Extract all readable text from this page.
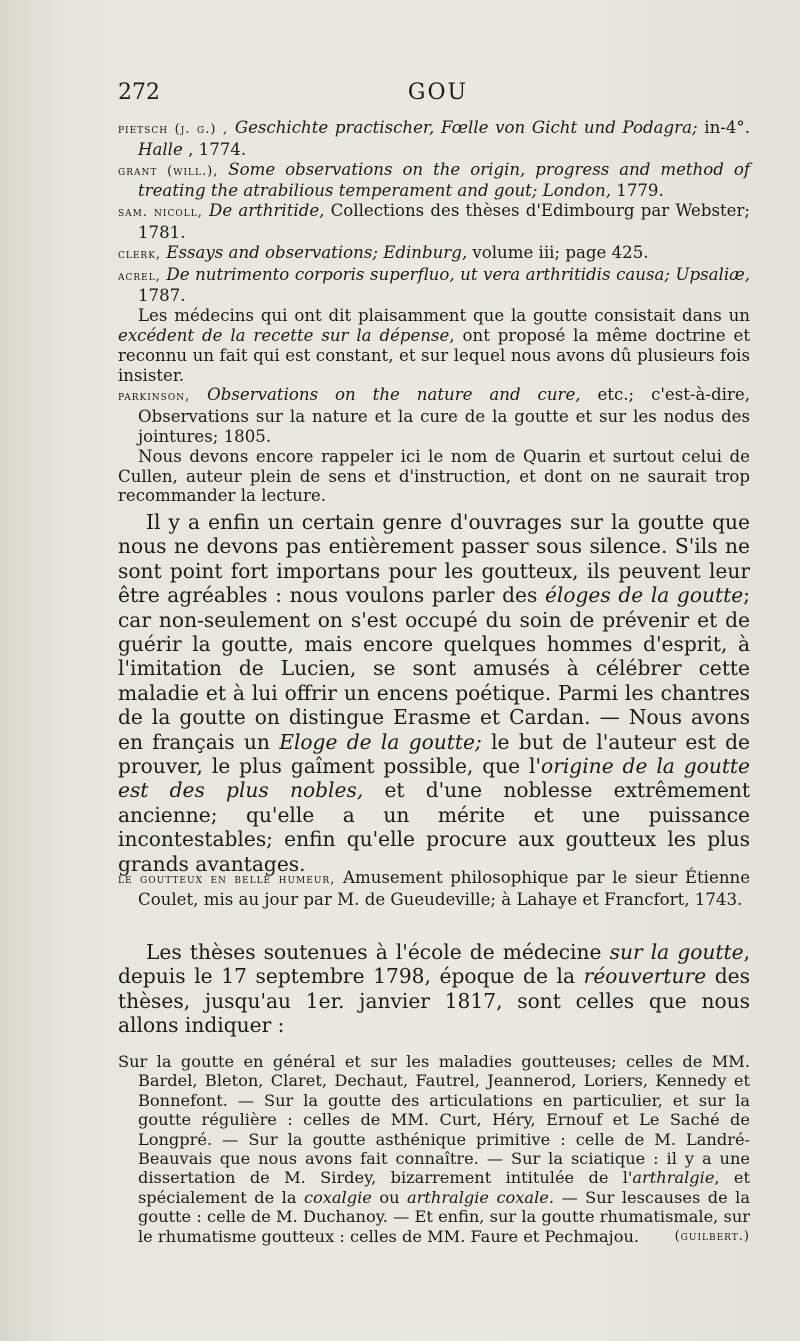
272	GOU

pietsch (j. g.) , Geschichte practischer, Fœlle von Gicht und Podagra; in-4°. Halle , 1774.

grant (will.), Some observations on the origin, progress and method of treating the atrabilious temperament and gout; London, 1779.

sam. nicoll, De arthritide, Collections des thèses d'Edimbourg par Webster; 1781.

clerk, Essays and observations; Edinburg, volume iii; page 425.

acrel, De nutrimento corporis superfluo, ut vera arthritidis causa; Upsaliæ, 1787.

Les médecins qui ont dit plaisamment que la goutte consistait dans un excédent de la recette sur la dépense, ont proposé la même doctrine et reconnu un fait qui est constant, et sur lequel nous avons dû plusieurs fois insister.

parkinson, Observations on the nature and cure, etc.; c'est-à-dire, Observations sur la nature et la cure de la goutte et sur les nodus des jointures; 1805.

Nous devons encore rappeler ici le nom de Quarin et surtout celui de Cullen, auteur plein de sens et d'instruction, et dont on ne saurait trop recommander la lecture.

Il y a enfin un certain genre d'ouvrages sur la goutte que nous ne devons pas entièrement passer sous silence. S'ils ne sont point fort importans pour les goutteux, ils peuvent leur être agréables : nous voulons parler des éloges de la goutte; car non-seulement on s'est occupé du soin de prévenir et de guérir la goutte, mais encore quelques hommes d'esprit, à l'imitation de Lucien, se sont amusés à célébrer cette maladie et à lui offrir un encens poétique. Parmi les chantres de la goutte on distingue Erasme et Cardan. — Nous avons en français un Eloge de la goutte; le but de l'auteur est de prouver, le plus gaîment possible, que l'origine de la goutte est des plus nobles, et d'une noblesse extrêmement ancienne; qu'elle a un mérite et une puissance incontestables; enfin qu'elle procure aux goutteux les plus grands avantages.

le goutteux en belle humeur, Amusement philosophique par le sieur Étienne Coulet, mis au jour par M. de Gueudeville; à Lahaye et Francfort, 1743.

Les thèses soutenues à l'école de médecine sur la goutte, depuis le 17 septembre 1798, époque de la réouverture des thèses, jusqu'au 1er. janvier 1817, sont celles que nous allons indiquer :

Sur la goutte en général et sur les maladies goutteuses; celles de MM. Bardel, Bleton, Claret, Dechaut, Fautrel, Jeannerod, Loriers, Kennedy et Bonnefont. — Sur la goutte des articulations en particulier, et sur la goutte régulière : celles de MM. Curt, Héry, Ernouf et Le Saché de Longpré. — Sur la goutte asthénique primitive : celle de M. Landré-Beauvais que nous avons fait connaître. — Sur la sciatique : il y a une dissertation de M. Sirdey, bizarrement intitulée de l'arthralgie, et spécialement de la coxalgie ou arthralgie coxale. — Sur lescauses de la goutte : celle de M. Duchanoy. — Et enfin, sur la goutte rhumatismale, sur le rhumatisme goutteux : celles de MM. Faure et Pechmajou.	(guilbert.)
